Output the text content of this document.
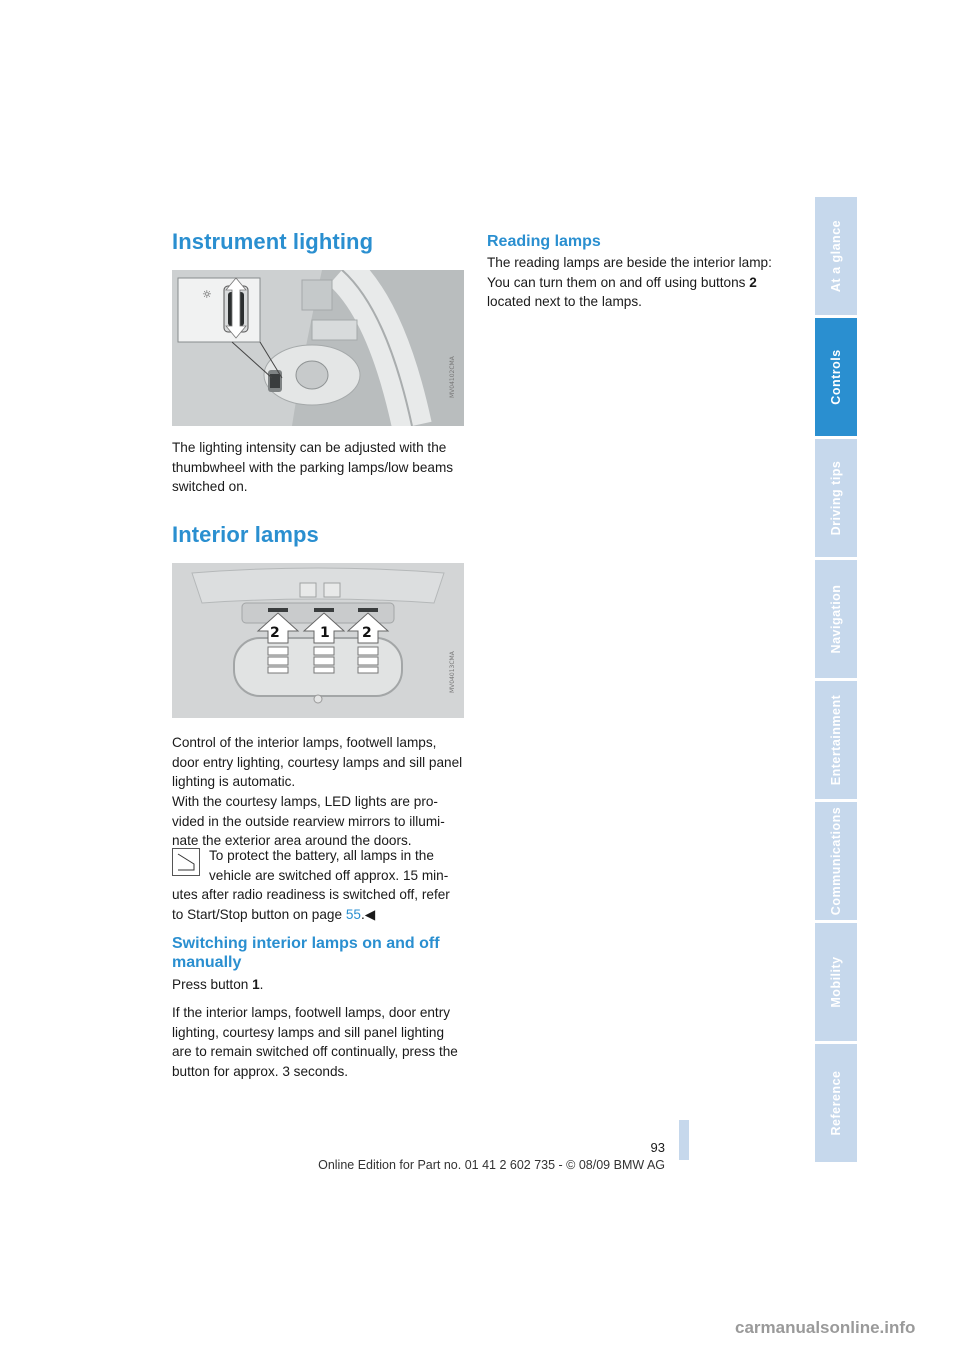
Instrument lighting
☼
MV04102CMA

The lighting intensity can be adjusted with the thumbwheel with the parking lamps/low beams switched on.

Interior lamps
2	1 2
MV04013CMA

Control of the interior lamps, footwell lamps, door entry lighting, courtesy lamps and sill panel lighting is automatic.

With the courtesy lamps, LED lights are pro-
vided in the outside rearview mirrors to illumi-
nate the exterior area around the doors.

To protect the battery, all lamps in the
vehicle are switched off approx. 15 min-
utes after radio readiness is switched off, refer
to Start/Stop button on page 55.◀

Switching interior lamps on and off
manually

Press button 1.

If the interior lamps, footwell lamps, door entry lighting, courtesy lamps and sill panel lighting are to remain switched off continually, press the button for approx. 3 seconds.

Reading lamps

The reading lamps are beside the interior lamp:
You can turn them on and off using buttons 2
located next to the lamps.

93
Online Edition for Part no. 01 41 2 602 735 - © 08/09 BMW AG
At a glance
Controls
Driving tips
Navigation
Entertainment
Communications
Mobility
Reference
carmanualsonline.info
